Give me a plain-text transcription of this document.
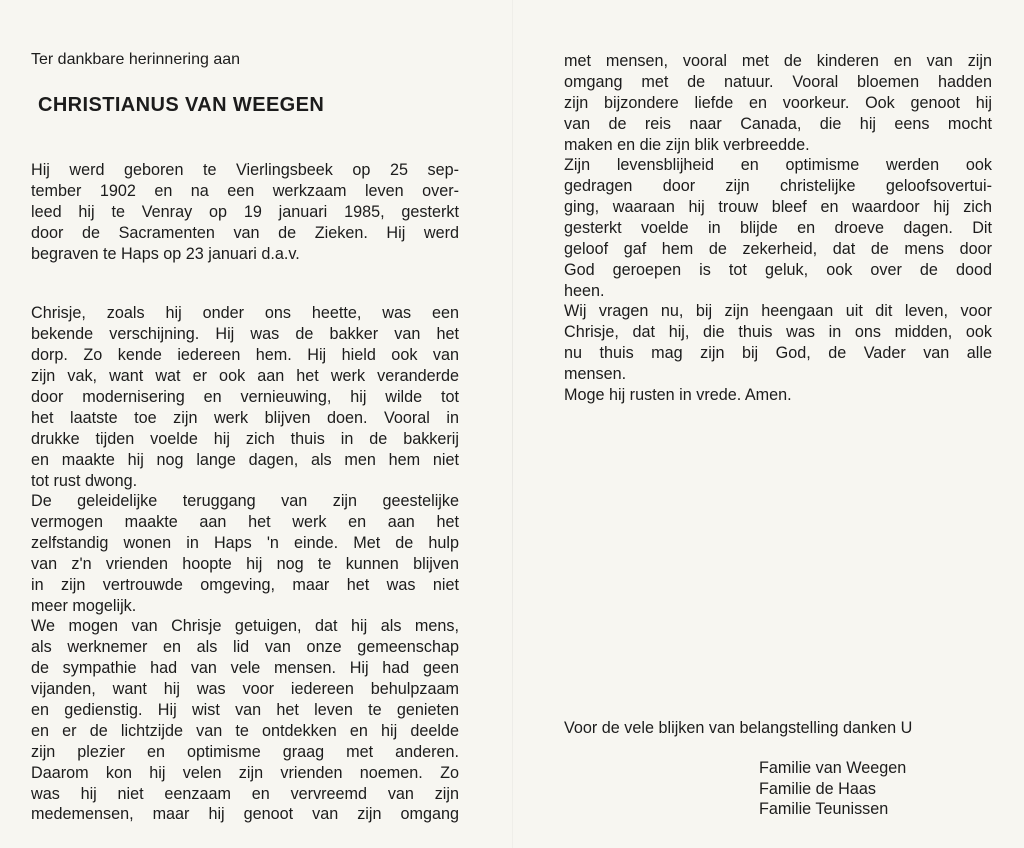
Ter dankbare herinnering aan
CHRISTIANUS VAN WEEGEN
Hij werd geboren te Vierlingsbeek op 25 sep-
tember 1902 en na een werkzaam leven over-
leed hij te Venray op 19 januari 1985, gesterkt
door de Sacramenten van de Zieken. Hij werd
begraven te Haps op 23 januari d.a.v.
Chrisje, zoals hij onder ons heette, was een
bekende verschijning. Hij was de bakker van het
dorp. Zo kende iedereen hem. Hij hield ook van
zijn vak, want wat er ook aan het werk veranderde
door modernisering en vernieuwing, hij wilde tot
het laatste toe zijn werk blijven doen. Vooral in
drukke tijden voelde hij zich thuis in de bakkerij
en maakte hij nog lange dagen, als men hem niet
tot rust dwong.
De geleidelijke teruggang van zijn geestelijke
vermogen maakte aan het werk en aan het
zelfstandig wonen in Haps 'n einde. Met de hulp
van z'n vrienden hoopte hij nog te kunnen blijven
in zijn vertrouwde omgeving, maar het was niet
meer mogelijk.
We mogen van Chrisje getuigen, dat hij als mens,
als werknemer en als lid van onze gemeenschap
de sympathie had van vele mensen. Hij had geen
vijanden, want hij was voor iedereen behulpzaam
en gedienstig. Hij wist van het leven te genieten
en er de lichtzijde van te ontdekken en hij deelde
zijn plezier en optimisme graag met anderen.
Daarom kon hij velen zijn vrienden noemen. Zo
was hij niet eenzaam en vervreemd van zijn
medemensen, maar hij genoot van zijn omgang
met mensen, vooral met de kinderen en van zijn
omgang met de natuur. Vooral bloemen hadden
zijn bijzondere liefde en voorkeur. Ook genoot hij
van de reis naar Canada, die hij eens mocht
maken en die zijn blik verbreedde.
Zijn levensblijheid en optimisme werden ook
gedragen door zijn christelijke geloofsovertui-
ging, waaraan hij trouw bleef en waardoor hij zich
gesterkt voelde in blijde en droeve dagen. Dit
geloof gaf hem de zekerheid, dat de mens door
God geroepen is tot geluk, ook over de dood
heen.
Wij vragen nu, bij zijn heengaan uit dit leven, voor
Chrisje, dat hij, die thuis was in ons midden, ook
nu thuis mag zijn bij God, de Vader van alle
mensen.
Moge hij rusten in vrede. Amen.
Voor de vele blijken van belangstelling danken U
Familie van Weegen
Familie de Haas
Familie Teunissen
